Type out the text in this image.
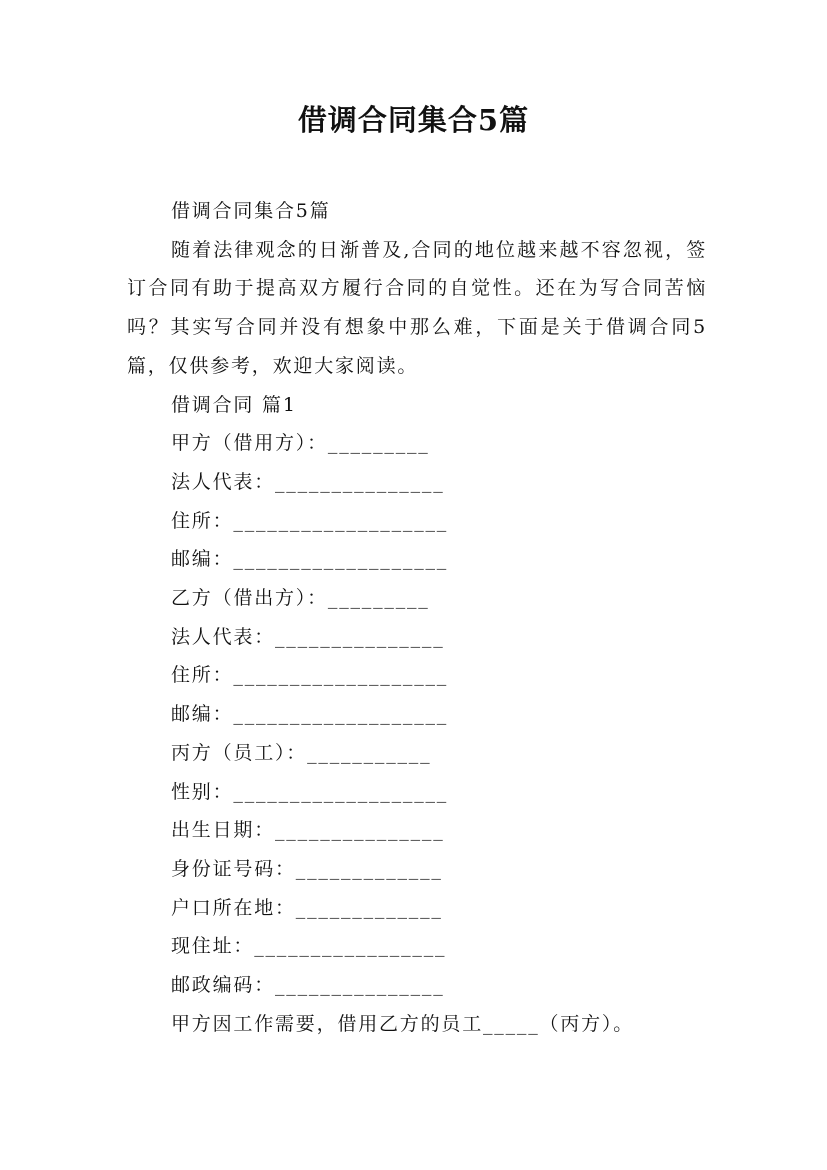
借调合同集合5篇

借调合同集合5篇

随着法律观念的日渐普及,合同的地位越来越不容忽视，签订合同有助于提高双方履行合同的自觉性。还在为写合同苦恼吗？其实写合同并没有想象中那么难，下面是关于借调合同5篇，仅供参考，欢迎大家阅读。

借调合同 篇1

甲方（借用方）：_________

法人代表：_______________

住所：___________________

邮编：___________________

乙方（借出方）：_________

法人代表：_______________

住所：___________________

邮编：___________________

丙方（员工）：___________

性别：___________________

出生日期：_______________

身份证号码：_____________

户口所在地：_____________

现住址：_________________

邮政编码：_______________

甲方因工作需要，借用乙方的员工_____（丙方）。
